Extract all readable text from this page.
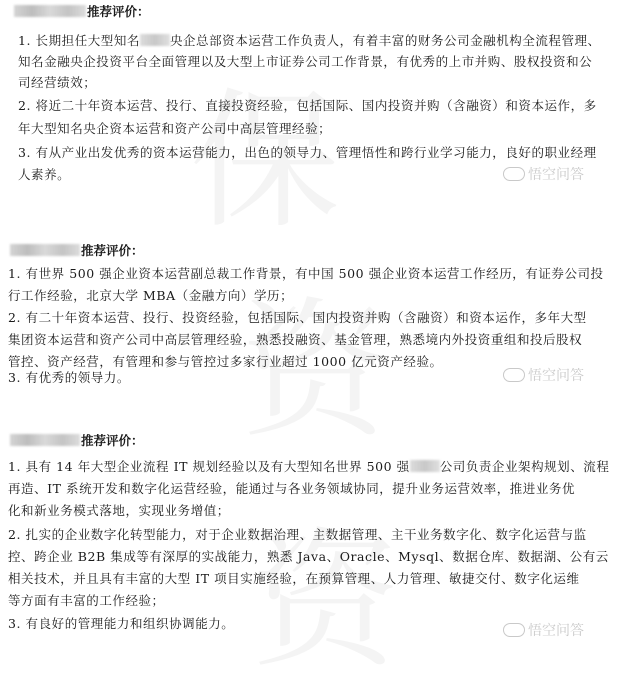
推荐评价：
1. 长期担任大型知名 央企总部资本运营工作负责人，有着丰富的财务公司金融机构全流程管理、
知名金融央企投资平台全面管理以及大型上市证券公司工作背景，有优秀的上市并购、股权投资和公
司经营绩效；
2. 将近二十年资本运营、投行、直接投资经验，包括国际、国内投资并购（含融资）和资本运作，多
年大型知名央企资本运营和资产公司中高层管理经验；
3. 有从产业出发优秀的资本运营能力，出色的领导力、管理悟性和跨行业学习能力，良好的职业经理
人素养。	悟空问答
推荐评价：
1. 有世界 500 强企业资本运营副总裁工作背景，有中国 500 强企业资本运营工作经历，有证券公司投
行工作经验，北京大学 MBA（金融方向）学历；
2. 有二十年资本运营、投行、投资经验，包括国际、国内投资并购（含融资）和资本运作，多年大型
集团资本运营和资产公司中高层管理经验，熟悉投融资、基金管理，熟悉境内外投资重组和投后股权
管控、资产经营，有管理和参与管控过多家行业超过 1000 亿元资产经验。
3. 有优秀的领导力。	悟空问答
推荐评价：
1. 具有 14 年大型企业流程 IT 规划经验以及有大型知名世界 500 强 公司负责企业架构规划、流程
再造、IT 系统开发和数字化运营经验，能通过与各业务领域协同，提升业务运营效率，推进业务优
化和新业务模式落地，实现业务增值；
2. 扎实的企业数字化转型能力，对于企业数据治理、主数据管理、主干业务数字化、数字化运营与监
控、跨企业 B2B 集成等有深厚的实战能力，熟悉 Java、Oracle、Mysql、数据仓库、数据湖、公有云
相关技术，并且具有丰富的大型 IT 项目实施经验，在预算管理、人力管理、敏捷交付、数字化运维
等方面有丰富的工作经验；
3. 有良好的管理能力和组织协调能力。	悟空问答
